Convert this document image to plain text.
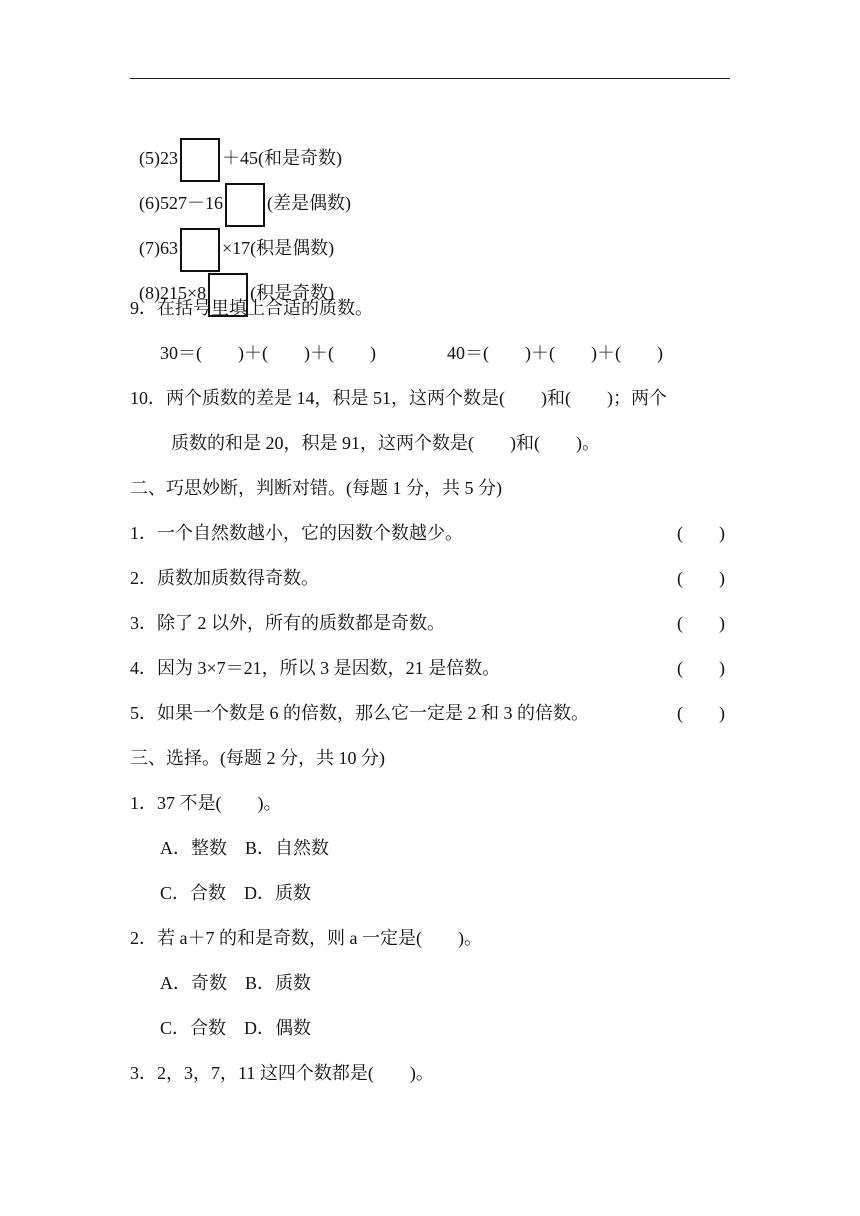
(5)23 ＋45(和是奇数)

(6)527－16 (差是偶数)

(7)63 ×17(积是偶数)

(8)215×8 (积是奇数)

9．在括号里填上合适的质数。
30＝(　　)＋(　　)＋(　　)	40＝(　　)＋(　　)＋(　　)
10．两个质数的差是 14，积是 51，这两个数是(　　)和(　　)；两个
质数的和是 20，积是 91，这两个数是(　　)和(　　)。
二、巧思妙断，判断对错。(每题 1 分，共 5 分)
1．一个自然数越小，它的因数个数越少。	(　　)
2．质数加质数得奇数。	(　　)
3．除了 2 以外，所有的质数都是奇数。	(　　)
4．因为 3×7＝21，所以 3 是因数，21 是倍数。	(　　)
5．如果一个数是 6 的倍数，那么它一定是 2 和 3 的倍数。	(　　)
三、选择。(每题 2 分，共 10 分)
1．37 不是(　　)。
A．整数　B．自然数
C．合数　D．质数
2．若 a＋7 的和是奇数，则 a 一定是(　　)。
A．奇数　B．质数
C．合数　D．偶数
3．2，3，7，11 这四个数都是(　　)。
